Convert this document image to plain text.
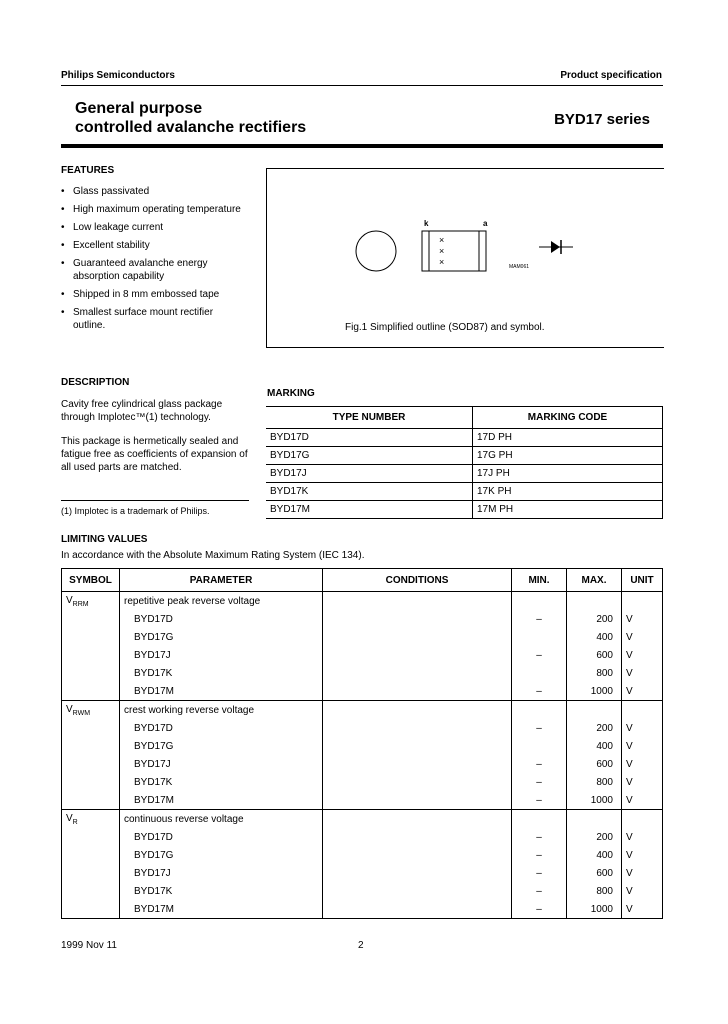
Philips Semiconductors	Product specification
General purpose
controlled avalanche rectifiers	BYD17 series
FEATURES
• Glass passivated
• High maximum operating temperature
• Low leakage current
• Excellent stability
• Guaranteed avalanche energy absorption capability
• Shipped in 8 mm embossed tape
• Smallest surface mount rectifier outline.
×
×
×
k	a
MAM061
Fig.1 Simplified outline (SOD87) and symbol.
DESCRIPTION
Cavity free cylindrical glass package through Implotec™(1) technology.
This package is hermetically sealed and fatigue free as coefficients of expansion of all used parts are matched.
(1) Implotec is a trademark of Philips.
MARKING
TYPE NUMBER	MARKING CODE
BYD17D	17D PH
BYD17G	17G PH
BYD17J	17J PH
BYD17K	17K PH
BYD17M	17M PH
LIMITING VALUES
In accordance with the Absolute Maximum Rating System (IEC 134).
SYMBOL	PARAMETER	CONDITIONS	MIN.	MAX.	UNIT
$V_{RRM}$	repetitive peak reverse voltage				
	BYD17D		–	200	V
	BYD17G			400	V
	BYD17J		–	600	V
	BYD17K			800	V
	BYD17M		–	1000	V
$V_{RWM}$	crest working reverse voltage				
	BYD17D		–	200	V
	BYD17G			400	V
	BYD17J		–	600	V
	BYD17K		–	800	V
	BYD17M		–	1000	V
$V_R$	continuous reverse voltage				
	BYD17D		–	200	V
	BYD17G		–	400	V
	BYD17J		–	600	V
	BYD17K		–	800	V
	BYD17M		–	1000	V
1999 Nov 11	2
